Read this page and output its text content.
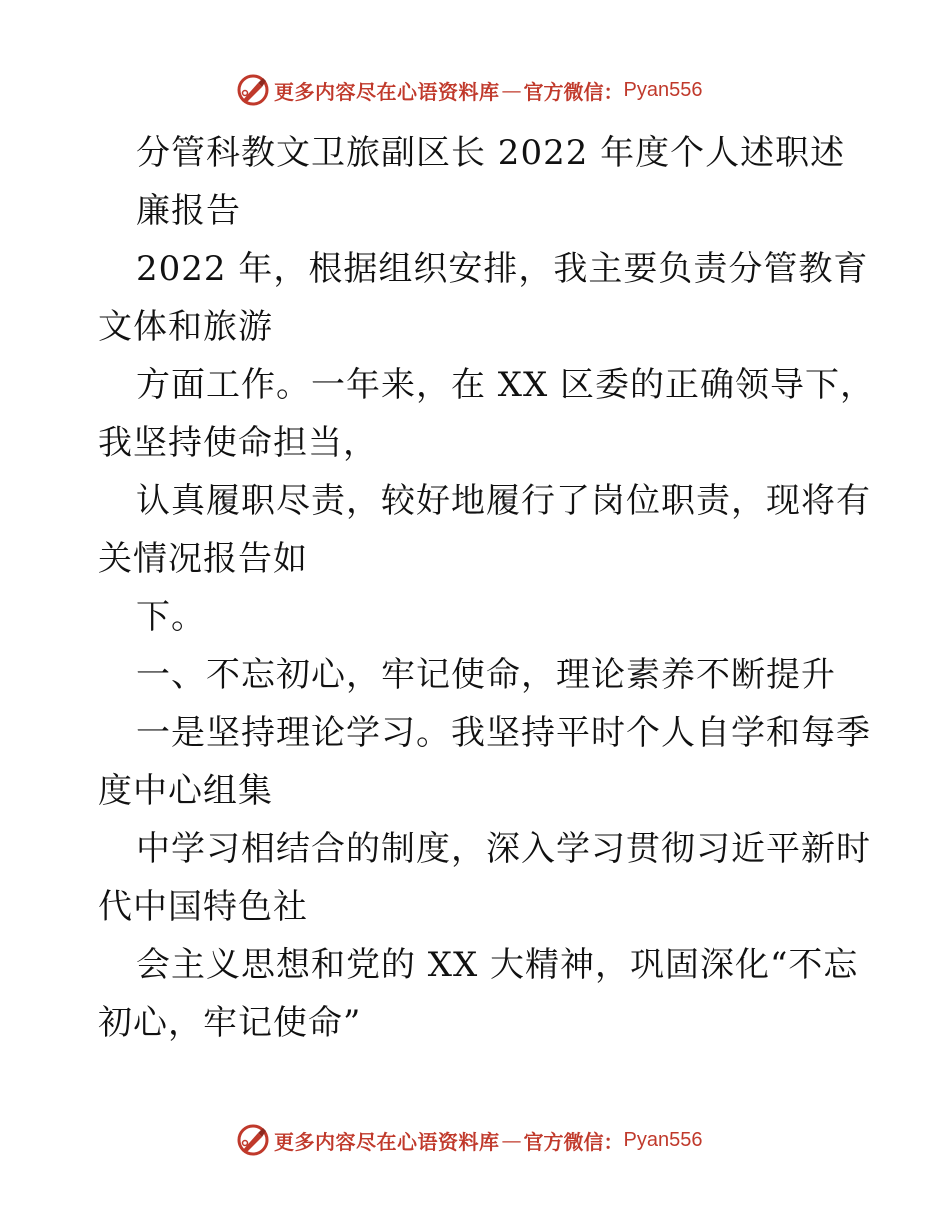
更多内容尽在心语资料库 — 官方微信： Pyan556
分管科教文卫旅副区长 2022 年度个人述职述
廉报告
2022 年，根据组织安排，我主要负责分管教育
文体和旅游
方面工作。一年来，在 XX 区委的正确领导下，
我坚持使命担当，
认真履职尽责，较好地履行了岗位职责，现将有
关情况报告如
下。
一、不忘初心，牢记使命，理论素养不断提升
一是坚持理论学习。我坚持平时个人自学和每季
度中心组集
中学习相结合的制度，深入学习贯彻习近平新时
代中国特色社
会主义思想和党的 XX 大精神，巩固深化“不忘
初心，牢记使命”
更多内容尽在心语资料库 — 官方微信： Pyan556
